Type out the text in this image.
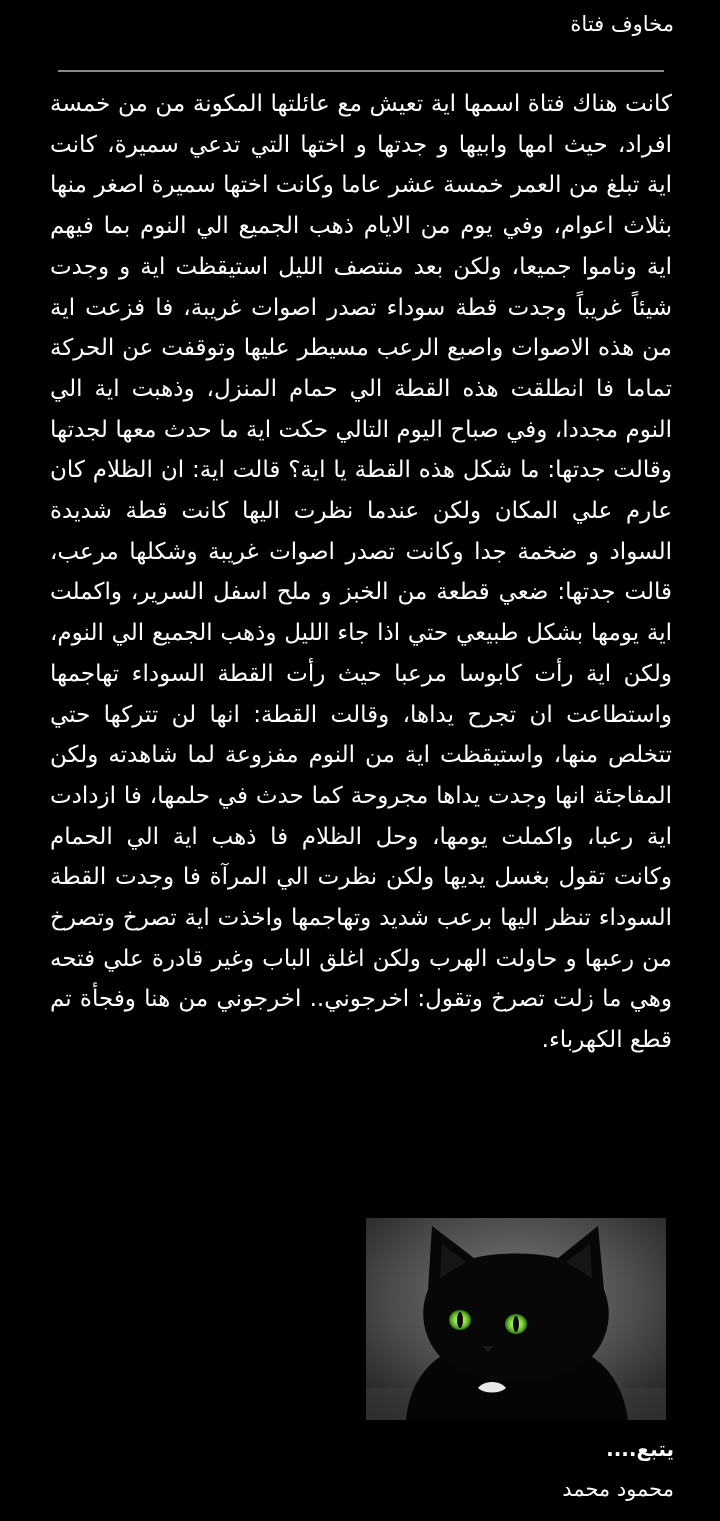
مخاوف فتاة

كانت هناك فتاة اسمها اية تعيش مع عائلتها المكونة من من خمسة افراد، حيث امها وابيها و جدتها و اختها التي تدعي سميرة، كانت اية تبلغ من العمر خمسة عشر عاما وكانت اختها سميرة اصغر منها بثلاث اعوام، وفي يوم من الايام ذهب الجميع الي النوم بما فيهم اية وناموا جميعا، ولكن بعد منتصف الليل استيقظت اية و وجدت شيئاً غريباً وجدت قطة سوداء تصدر اصوات غريبة، فا فزعت اية من هذه الاصوات واصبع الرعب مسيطر عليها وتوقفت عن الحركة تماما فا انطلقت هذه القطة الي حمام المنزل، وذهبت اية الي النوم مجددا، وفي صباح اليوم التالي حكت اية ما حدث معها لجدتها وقالت جدتها: ما شكل هذه القطة يا اية؟ قالت اية: ان الظلام كان عارم علي المكان ولكن عندما نظرت اليها كانت قطة شديدة السواد و ضخمة جدا وكانت تصدر اصوات غريبة وشكلها مرعب، قالت جدتها: ضعي قطعة من الخبز و ملح اسفل السرير، واكملت اية يومها بشكل طبيعي حتي اذا جاء الليل وذهب الجميع الي النوم، ولكن اية رأت كابوسا مرعبا حيث رأت القطة السوداء تهاجمها واستطاعت ان تجرح يداها، وقالت القطة: انها لن تتركها حتي تتخلص منها، واستيقظت اية من النوم مفزوعة لما شاهدته ولكن المفاجئة انها وجدت يداها مجروحة كما حدث في حلمها، فا ازدادت اية رعبا، واكملت يومها، وحل الظلام فا ذهب اية الي الحمام وكانت تقول بغسل يديها ولكن نظرت الي المرآة فا وجدت القطة السوداء تنظر اليها برعب شديد وتهاجمها واخذت اية تصرخ وتصرخ من رعبها و حاولت الهرب ولكن اغلق الباب وغير قادرة علي فتحه وهي ما زلت تصرخ وتقول: اخرجوني.. اخرجوني من هنا وفجأة تم قطع الكهرباء.

يتبع....
محمود محمد
